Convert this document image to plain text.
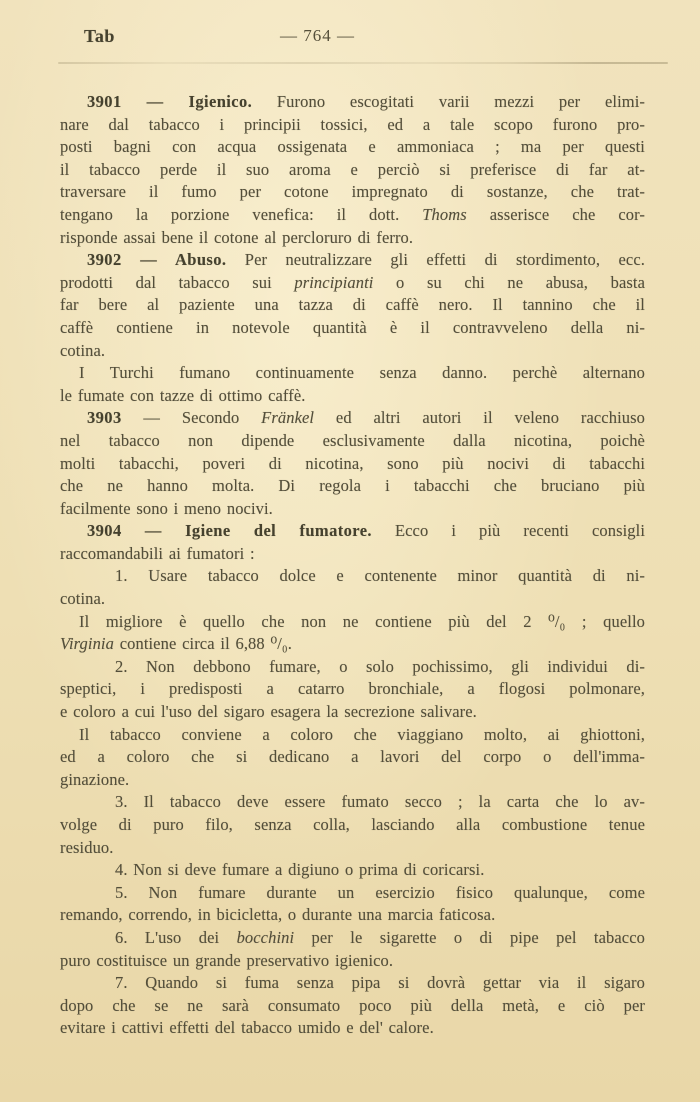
Tab	— 764 —
3901 — Igienico. Furono escogitati varii mezzi per elimi-
nare dal tabacco i principii tossici, ed a tale scopo furono pro-
posti bagni con acqua ossigenata e ammoniaca ; ma per questi
il tabacco perde il suo aroma e perciò si preferisce di far at-
traversare il fumo per cotone impregnato di sostanze, che trat-
tengano la porzione venefica: il dott. Thoms asserisce che cor-
risponde assai bene il cotone al percloruro di ferro.
3902 — Abuso. Per neutralizzare gli effetti di stordimento, ecc.
prodotti dal tabacco sui principianti o su chi ne abusa, basta
far bere al paziente una tazza di caffè nero. Il tannino che il
caffè contiene in notevole quantità è il contravveleno della ni-
cotina.
I Turchi fumano continuamente senza danno. perchè alternano
le fumate con tazze di ottimo caffè.
3903 — Secondo Fränkel ed altri autori il veleno racchiuso
nel tabacco non dipende esclusivamente dalla nicotina, poichè
molti tabacchi, poveri di nicotina, sono più nocivi di tabacchi
che ne hanno molta. Di regola i tabacchi che bruciano più
facilmente sono i meno nocivi.
3904 — Igiene del fumatore. Ecco i più recenti consigli
raccomandabili ai fumatori :
1. Usare tabacco dolce e contenente minor quantità di ni-
cotina.
Il migliore è quello che non ne contiene più del 2 ⁰/₀ ; quello
Virginia contiene circa il 6,88 ⁰/₀.
2. Non debbono fumare, o solo pochissimo, gli individui di-
speptici, i predisposti a catarro bronchiale, a flogosi polmonare,
e coloro a cui l'uso del sigaro esagera la secrezione salivare.
Il tabacco conviene a coloro che viaggiano molto, ai ghiottoni,
ed a coloro che si dedicano a lavori del corpo o dell'imma-
ginazione.
3. Il tabacco deve essere fumato secco ; la carta che lo av-
volge di puro filo, senza colla, lasciando alla combustione tenue
residuo.
4. Non si deve fumare a digiuno o prima di coricarsi.
5. Non fumare durante un esercizio fisico qualunque, come
remando, correndo, in bicicletta, o durante una marcia faticosa.
6. L'uso dei bocchini per le sigarette o di pipe pel tabacco
puro costituisce un grande preservativo igienico.
7. Quando si fuma senza pipa si dovrà gettar via il sigaro
dopo che se ne sarà consumato poco più della metà, e ciò per
evitare i cattivi effetti del tabacco umido e del' calore.
